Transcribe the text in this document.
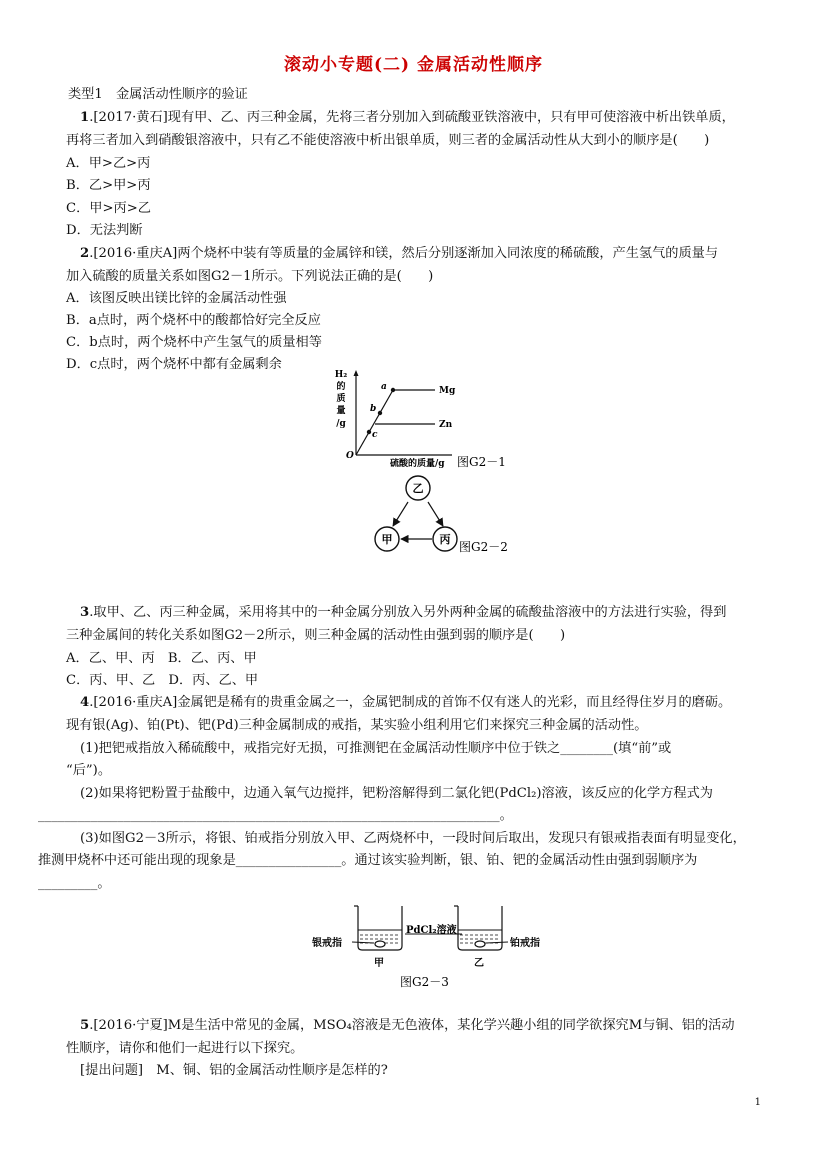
滚动小专题(二) 金属活动性顺序
类型1　金属活动性顺序的验证
1.[2017·黄石]现有甲、乙、丙三种金属，先将三者分别加入到硫酸亚铁溶液中，只有甲可使溶液中析出铁单质，
再将三者加入到硝酸银溶液中，只有乙不能使溶液中析出银单质，则三者的金属活动性从大到小的顺序是(　　)
A．甲>乙>丙
B．乙>甲>丙
C．甲>丙>乙
D．无法判断
2.[2016·重庆A]两个烧杯中装有等质量的金属锌和镁，然后分别逐渐加入同浓度的稀硫酸，产生氢气的质量与
加入硫酸的质量关系如图G2－1所示。下列说法正确的是(　　)
A．该图反映出镁比锌的金属活动性强
B．a点时，两个烧杯中的酸都恰好完全反应
C．b点时，两个烧杯中产生氢气的质量相等
D．c点时，两个烧杯中都有金属剩余
H₂
的
质
量
/g
a
b
c
Mg
Zn
O
硫酸的质量/g 图G2－1
乙
甲	丙
图G2－2
3.取甲、乙、丙三种金属，采用将其中的一种金属分别放入另外两种金属的硫酸盐溶液中的方法进行实验，得到
三种金属间的转化关系如图G2－2所示，则三种金属的活动性由强到弱的顺序是(　　)
A．乙、甲、丙　B．乙、丙、甲
C．丙、甲、乙　D．丙、乙、甲
4.[2016·重庆A]金属钯是稀有的贵重金属之一，金属钯制成的首饰不仅有迷人的光彩，而且经得住岁月的磨砺。
现有银(Ag)、铂(Pt)、钯(Pd)三种金属制成的戒指，某实验小组利用它们来探究三种金属的活动性。
(1)把钯戒指放入稀硫酸中，戒指完好无损，可推测钯在金属活动性顺序中位于铁之________(填“前”或
“后”)。
(2)如果将钯粉置于盐酸中，边通入氧气边搅拌，钯粉溶解得到二氯化钯(PdCl₂)溶液，该反应的化学方程式为
______________________________________________________________________。
(3)如图G2－3所示，将银、铂戒指分别放入甲、乙两烧杯中，一段时间后取出，发现只有银戒指表面有明显变化，
推测甲烧杯中还可能出现的现象是________________。通过该实验判断，银、铂、钯的金属活动性由强到弱顺序为
_________。
银戒指
PdCl₂溶液
铂戒指
甲	乙
图G2－3
5.[2016·宁夏]M是生活中常见的金属，MSO₄溶液是无色液体，某化学兴趣小组的同学欲探究M与铜、铝的活动
性顺序，请你和他们一起进行以下探究。
[提出问题]　M、铜、铝的金属活动性顺序是怎样的?
1
